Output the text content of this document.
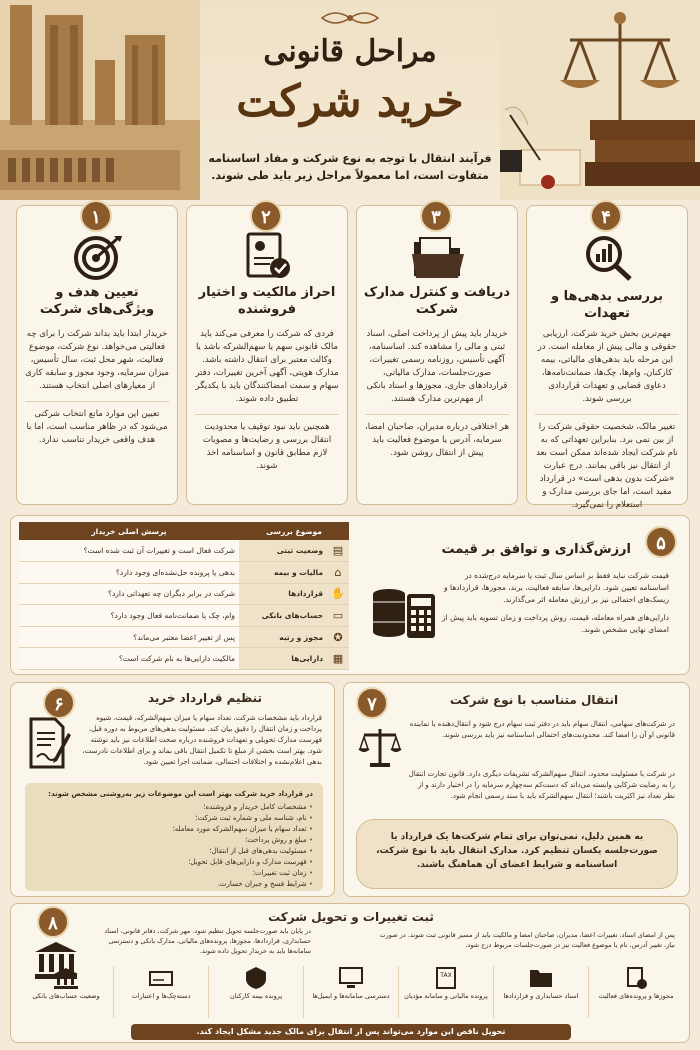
مراحل قانونی
خرید شرکت
فرآیند انتقال با توجه به نوع شرکت و مفاد اساسنامه متفاوت است، اما معمولاً مراحل زیر باید طی شوند.
۴
بررسی بدهی‌ها و تعهدات

مهم‌ترین بخش خرید شرکت، ارزیابی حقوقی و مالی پیش از معامله است. در این مرحله باید بدهی‌های مالیاتی، بیمه کارکنان، وام‌ها، چک‌ها، ضمانت‌نامه‌ها، دعاوی قضایی و تعهدات قراردادی بررسی شوند.

تغییر مالک، شخصیت حقوقی شرکت را از بین نمی برد. بنابراین تعهداتی که به نام شرکت ایجاد شده‌اند ممکن است بعد از انتقال نیز باقی بمانند. درج عبارت «شرکت بدون بدهی است» در قرارداد مفید است، اما جای بررسی مدارک و استعلام را نمی‌گیرد.

۳
دریافت و کنترل مدارک شرکت

خریدار باید پیش از پرداخت اصلی، اسناد ثبتی و مالی را مشاهده کند. اساسنامه، آگهی تأسیس، روزنامه رسمی تغییرات، صورت‌جلسات، مدارک مالیاتی، قراردادهای جاری، مجوزها و اسناد بانکی از مهم‌ترین مدارک هستند.

هر اختلافی درباره مدیران، صاحبان امضا، سرمایه، آدرس یا موضوع فعالیت باید پیش از انتقال روشن شود.

۲
احراز مالکیت و اختیار فروشنده

فردی که شرکت را معرفی می‌کند باید مالک قانونی سهم یا سهم‌الشرکه باشد یا وکالت معتبر برای انتقال داشته باشد. مدارک هویتی، آگهی آخرین تغییرات، دفتر سهام و سمت امضاکنندگان باید با یکدیگر تطبیق داده شوند.

همچنین باید نبود توقیف یا محدودیت انتقال بررسی و رضایت‌ها و مصوبات لازم مطابق قانون و اساسنامه اخذ شوند.

۱
تعیین هدف و ویژگی‌های شرکت

خریدار ابتدا باید بداند شرکت را برای چه فعالیتی می‌خواهد. نوع شرکت، موضوع فعالیت، شهر محل ثبت، سال تأسیس، میزان سرمایه، وجود مجوز و سابقه کاری از معیارهای اصلی انتخاب هستند.

تعیین این موارد مانع انتخاب شرکتی می‌شود که در ظاهر مناسب است، اما با هدف واقعی خریدار تناسب ندارد.

۵
ارزش‌گذاری و توافق بر قیمت

قیمت شرکت نباید فقط بر اساس سال ثبت یا سرمایه درج‌شده در اساسنامه تعیین شود. دارایی‌ها، سابقه فعالیت، برند، مجوزها، قراردادها و ریسک‌های احتمالی نیز بر ارزش معامله اثر می‌گذارند.

دارایی‌های همراه معامله، قیمت، روش پرداخت و زمان تسویه باید پیش از امضای نهایی مشخص شوند.

موضوع بررسی		پرسش اصلی خریدار
▤	وضعیت ثبتی	شرکت فعال است و تغییرات آن ثبت شده است؟
⌂	مالیات و بیمه	بدهی یا پرونده حل‌نشده‌ای وجود دارد؟
✋	قراردادها	شرکت در برابر دیگران چه تعهداتی دارد؟
▭	حساب‌های بانکی	وام، چک یا ضمانت‌نامه فعال وجود دارد؟
✪	مجوز و رتبه	پس از تغییر اعضا معتبر می‌ماند؟
▦	دارایی‌ها	مالکیت دارایی‌ها به نام شرکت است؟
۶	تنظیم قرارداد خرید
قرارداد باید مشخصات شرکت، تعداد سهام یا میزان سهم‌الشرکه، قیمت، شیوه پرداخت و زمان انتقال را دقیق بیان کند. مسئولیت بدهی‌های مربوط به دوره قبل، فهرست مدارک تحویلی و تعهدات فروشنده درباره صحت اطلاعات نیز باید نوشته شود. بهتر است بخشی از مبلغ تا تکمیل انتقال باقی بماند و برای اطلاعات نادرست، بدهی اعلام‌نشده و اختلافات احتمالی، ضمانت اجرا تعیین شود.
در قرارداد خرید شرکت بهتر است این موضوعات زیر به‌روشنی مشخص شوند:
• مشخصات کامل خریدار و فروشنده؛
• نام، شناسه ملی و شماره ثبت شرکت؛
• تعداد سهام یا میزان سهم‌الشرکه مورد معامله؛
• مبلغ و روش پرداخت؛
• مسئولیت بدهی‌های قبل از انتقال؛
• فهرست مدارک و دارایی‌های قابل تحویل؛
• زمان ثبت تغییرات؛
• شرایط فسخ و جبران خسارت.
۷	انتقال متناسب با نوع شرکت
در شرکت‌های سهامی، انتقال سهام باید در دفتر ثبت سهام درج شود و انتقال‌دهنده یا نماینده قانونی او آن را امضا کند. محدودیت‌های احتمالی اساسنامه نیز باید بررسی شوند.
در شرکت با مسئولیت محدود، انتقال سهم‌الشرکه تشریفات دیگری دارد. قانون تجارت انتقال را به رضایت شرکایی وابسته می‌داند که دست‌کم سه‌چهارم سرمایه را در اختیار دارند و از نظر تعداد نیز اکثریت باشند؛ انتقال سهم‌الشرکه باید با سند رسمی انجام شود.
به همین دلیل، نمی‌توان برای تمام شرکت‌ها یک قرارداد یا صورت‌جلسه یکسان تنظیم کرد. مدارک انتقال باید با نوع شرکت، اساسنامه و شرایط اعضای آن هماهنگ باشند.
۸	ثبت تغییرات و تحویل شرکت
در پایان باید صورت‌جلسه تحویل تنظیم شود. مهر شرکت، دفاتر قانونی، اسناد حسابداری، قراردادها، مجوزها، پرونده‌های مالیاتی، مدارک بانکی و دسترسی سامانه‌ها باید به خریدار تحویل داده شوند.
پس از امضای اسناد، تغییرات اعضا، مدیران، صاحبان امضا و مالکیت باید از مسیر قانونی ثبت شوند. در صورت نیاز، تغییر آدرس، نام یا موضوع فعالیت نیز در صورت‌جلسات مربوط درج شود.
مجوزها و پرونده‌های فعالیت
اسناد حسابداری و قراردادها
TAX
پرونده مالیاتی و سامانه مؤدیان
دسترسی سامانه‌ها و ایمیل‌ها
پرونده بیمه کارکنان
دسته‌چک‌ها و اعتبارات
وضعیت حساب‌های بانکی
تحویل ناقص این موارد می‌تواند پس از انتقال برای مالک جدید مشکل ایجاد کند.
